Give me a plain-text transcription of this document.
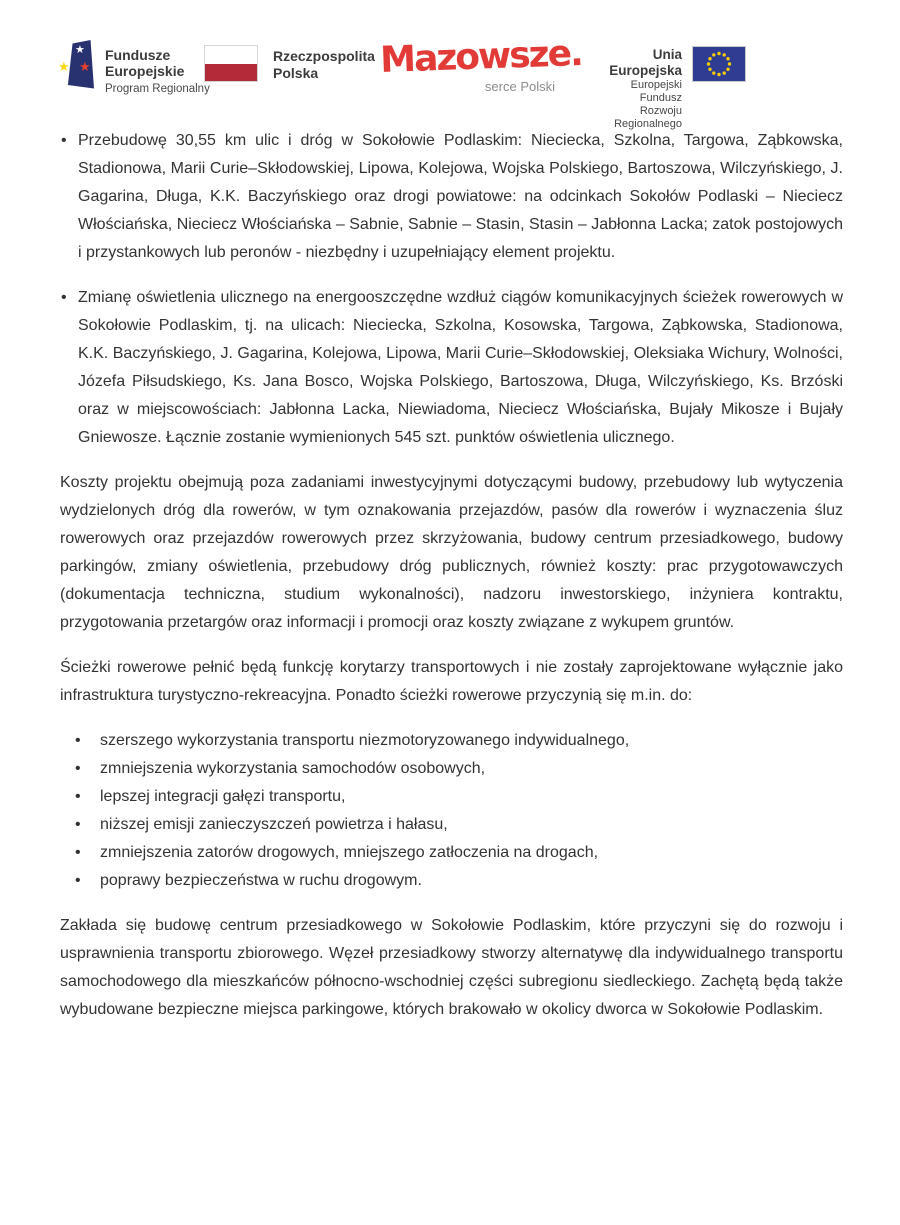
★
★
★
Fundusze
Europejskie
Program Regionalny
Rzeczpospolita
Polska	Mazowsze.
serce Polski
Unia Europejska
Europejski Fundusz
Rozwoju Regionalnego
• Przebudowę 30,55 km ulic i dróg w Sokołowie Podlaskim: Nieciecka, Szkolna, Targowa, Ząbkowska, Stadionowa, Marii Curie–Skłodowskiej, Lipowa, Kolejowa, Wojska Polskiego, Bartoszowa, Wilczyńskiego, J. Gagarina, Długa, K.K. Baczyńskiego oraz drogi powiatowe: na odcinkach Sokołów Podlaski – Nieciecz Włościańska, Nieciecz Włościańska – Sabnie, Sabnie – Stasin, Stasin – Jabłonna Lacka; zatok postojowych i przystankowych lub peronów - niezbędny i uzupełniający element projektu.
• Zmianę oświetlenia ulicznego na energooszczędne wzdłuż ciągów komunikacyjnych ścieżek rowerowych w Sokołowie Podlaskim, tj. na ulicach: Nieciecka, Szkolna, Kosowska, Targowa, Ząbkowska, Stadionowa, K.K. Baczyńskiego, J. Gagarina, Kolejowa, Lipowa, Marii Curie–Skłodowskiej, Oleksiaka Wichury, Wolności, Józefa Piłsudskiego, Ks. Jana Bosco, Wojska Polskiego, Bartoszowa, Długa, Wilczyńskiego, Ks. Brzóski oraz w miejscowościach: Jabłonna Lacka, Niewiadoma, Nieciecz Włościańska, Bujały Mikosze i Bujały Gniewosze. Łącznie zostanie wymienionych 545 szt. punktów oświetlenia ulicznego.

Koszty projektu obejmują poza zadaniami inwestycyjnymi dotyczącymi budowy, przebudowy lub wytyczenia wydzielonych dróg dla rowerów, w tym oznakowania przejazdów, pasów dla rowerów i wyznaczenia śluz rowerowych oraz przejazdów rowerowych przez skrzyżowania, budowy centrum przesiadkowego, budowy parkingów, zmiany oświetlenia, przebudowy dróg publicznych, również koszty: prac przygotowawczych (dokumentacja techniczna, studium wykonalności), nadzoru inwestorskiego, inżyniera kontraktu, przygotowania przetargów oraz informacji i promocji oraz koszty związane z wykupem gruntów.

Ścieżki rowerowe pełnić będą funkcję korytarzy transportowych i nie zostały zaprojektowane wyłącznie jako infrastruktura turystyczno-rekreacyjna. Ponadto ścieżki rowerowe przyczynią się m.in. do:

• szerszego wykorzystania transportu niezmotoryzowanego indywidualnego,
• zmniejszenia wykorzystania samochodów osobowych,
• lepszej integracji gałęzi transportu,
• niższej emisji zanieczyszczeń powietrza i hałasu,
• zmniejszenia zatorów drogowych, mniejszego zatłoczenia na drogach,
• poprawy bezpieczeństwa w ruchu drogowym.

Zakłada się budowę centrum przesiadkowego w Sokołowie Podlaskim, które przyczyni się do rozwoju i usprawnienia transportu zbiorowego. Węzeł przesiadkowy stworzy alternatywę dla indywidualnego transportu samochodowego dla mieszkańców północno-wschodniej części subregionu siedleckiego. Zachętą będą także wybudowane bezpieczne miejsca parkingowe, których brakowało w okolicy dworca w Sokołowie Podlaskim.
